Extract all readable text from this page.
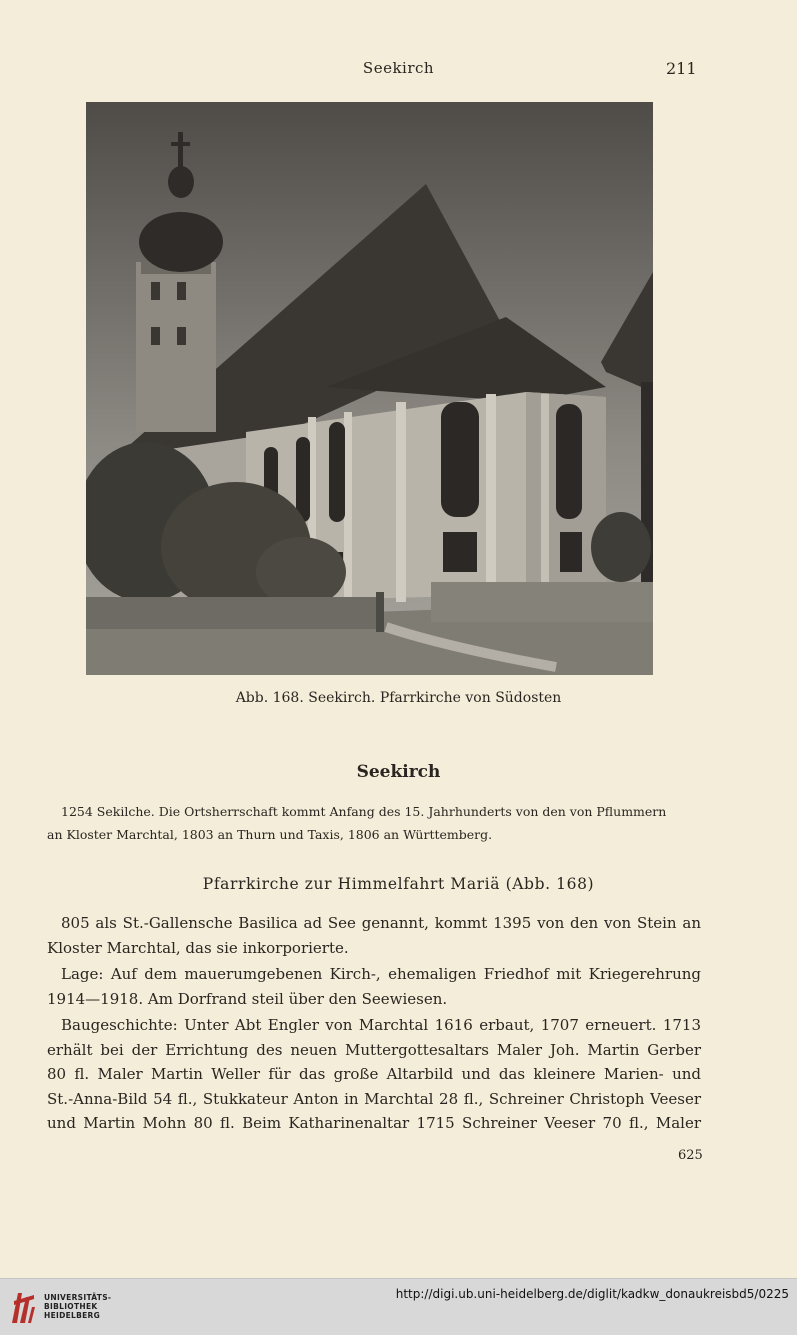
Seekirch	211
Abb. 168. Seekirch. Pfarrkirche von Südosten
Seekirch
1254 Sekilche. Die Ortsherrschaft kommt Anfang des 15. Jahrhunderts von den von Pflummern
an Kloster Marchtal, 1803 an Thurn und Taxis, 1806 an Württemberg.
Pfarrkirche zur Himmelfahrt Mariä (Abb. 168)
805 als St.-Gallensche Basilica ad See genannt, kommt 1395 von den von Stein an
Kloster Marchtal, das sie inkorporierte.
Lage: Auf dem mauerumgebenen Kirch-, ehemaligen Friedhof mit Kriegerehrung
1914—1918. Am Dorfrand steil über den Seewiesen.
Baugeschichte: Unter Abt Engler von Marchtal 1616 erbaut, 1707 erneuert. 1713
erhält bei der Errichtung des neuen Muttergottesaltars Maler Joh. Martin Gerber
80 fl. Maler Martin Weller für das große Altarbild und das kleinere Marien- und
St.-Anna-Bild 54 fl., Stukkateur Anton in Marchtal 28 fl., Schreiner Christoph Veeser
und Martin Mohn 80 fl. Beim Katharinenaltar 1715 Schreiner Veeser 70 fl., Maler
625
UNIVERSITÄTS-
BIBLIOTHEK
HEIDELBERG
http://digi.ub.uni-heidelberg.de/diglit/kadkw_donaukreisbd5/0225
